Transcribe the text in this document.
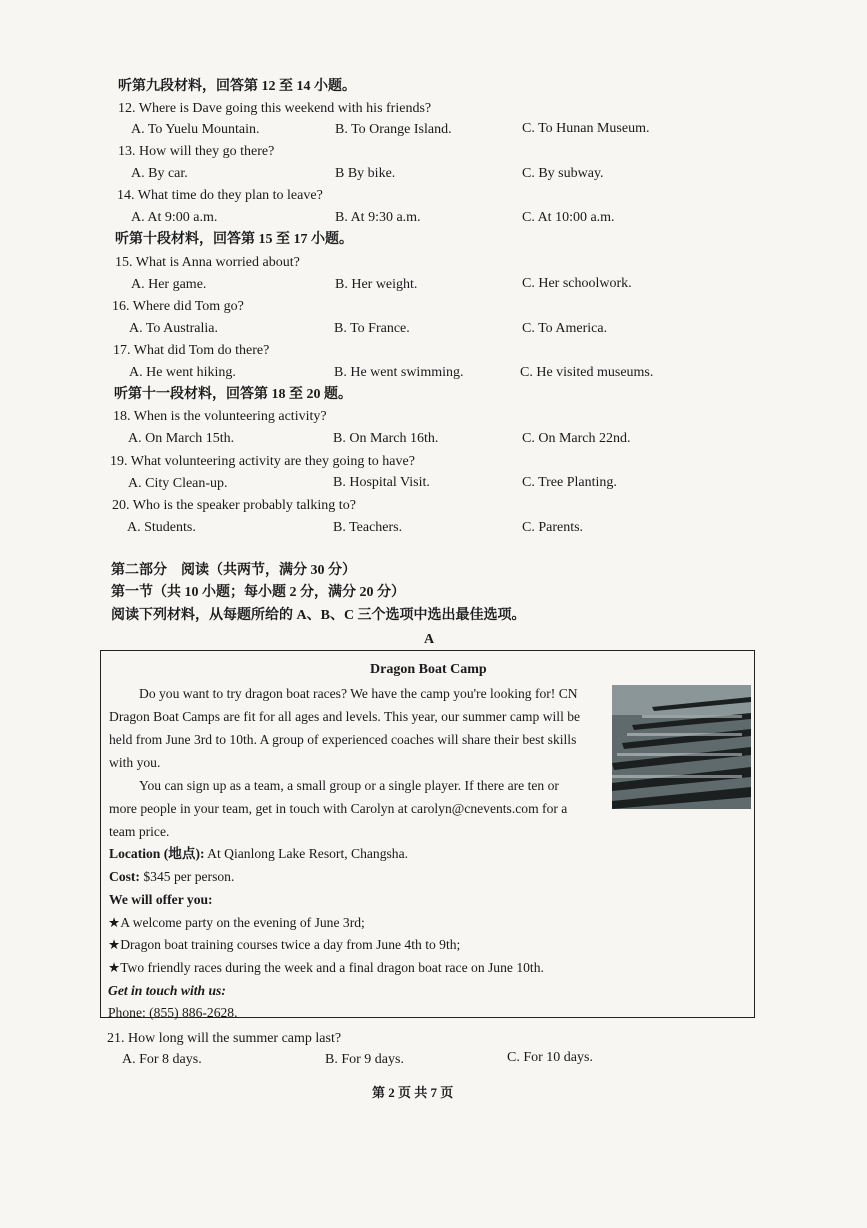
听第九段材料，回答第 12 至 14 小题。
12. Where is Dave going this weekend with his friends?
A. To Yuelu Mountain.	B. To Orange Island.	C. To Hunan Museum.
13. How will they go there?
A. By car.	B By bike.	C. By subway.
14. What time do they plan to leave?
A. At 9:00 a.m.	B. At 9:30 a.m.	C. At 10:00 a.m.
听第十段材料，回答第 15 至 17 小题。
15. What is Anna worried about?
A. Her game.	B. Her weight.	C. Her schoolwork.
16. Where did Tom go?
A. To Australia.	B. To France.	C. To America.
17. What did Tom do there?
A. He went hiking.	B. He went swimming.	C. He visited museums.
听第十一段材料，回答第 18 至 20 题。
18. When is the volunteering activity?
A. On March 15th.	B. On March 16th.	C. On March 22nd.
19. What volunteering activity are they going to have?
A. City Clean-up.	B. Hospital Visit.	C. Tree Planting.
20. Who is the speaker probably talking to?
A. Students.	B. Teachers.	C. Parents.
第二部分　阅读（共两节，满分 30 分）
第一节（共 10 小题；每小题 2 分，满分 20 分）
阅读下列材料，从每题所给的 A、B、C 三个选项中选出最佳选项。
A
Dragon Boat Camp
Do you want to try dragon boat races? We have the camp you're looking for! CN
Dragon Boat Camps are fit for all ages and levels. This year, our summer camp will be
held from June 3rd to 10th. A group of experienced coaches will share their best skills
with you.
You can sign up as a team, a small group or a single player. If there are ten or
more people in your team, get in touch with Carolyn at carolyn@cnevents.com for a
team price.
Location (地点): At Qianlong Lake Resort, Changsha.
Cost: $345 per person.
We will offer you:
★A welcome party on the evening of June 3rd;
★Dragon boat training courses twice a day from June 4th to 9th;
★Two friendly races during the week and a final dragon boat race on June 10th.
Get in touch with us:
Phone: (855) 886-2628.
21. How long will the summer camp last?
A. For 8 days.	B. For 9 days.	C. For 10 days.
第 2 页 共 7 页
